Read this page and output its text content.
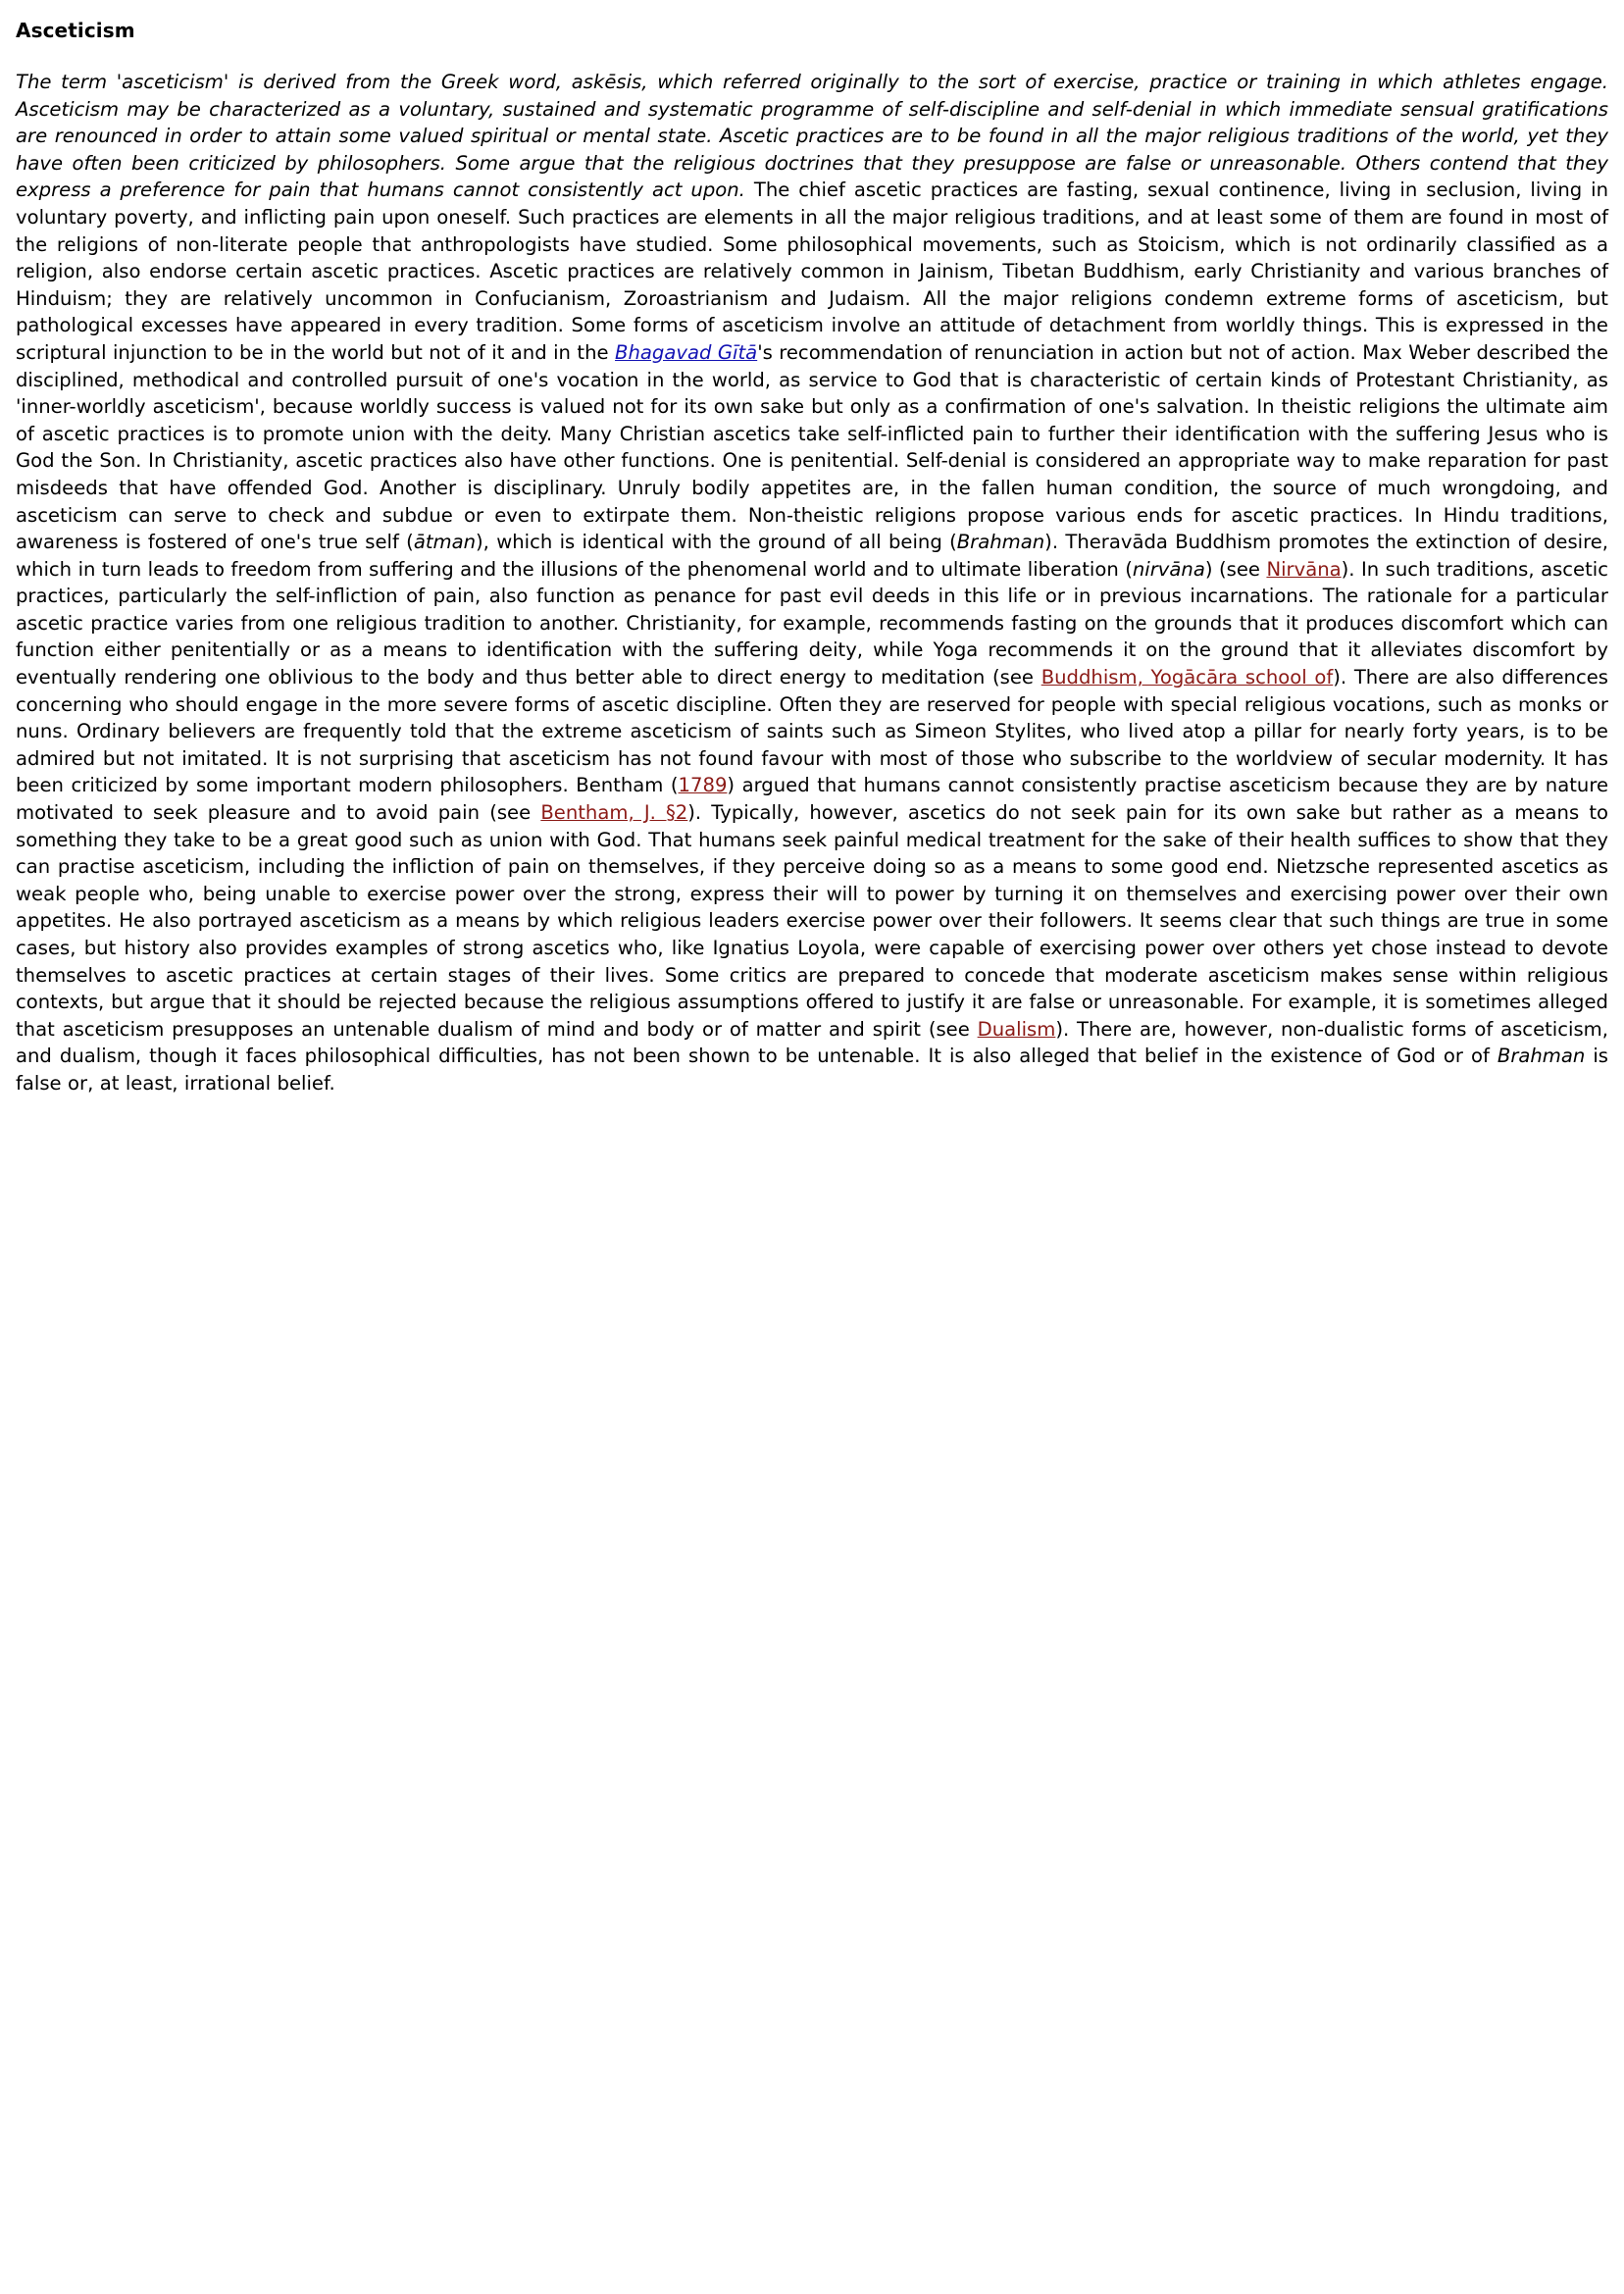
Asceticism

The term 'asceticism' is derived from the Greek word, askēsis, which referred originally to the sort of exercise, practice or training in which athletes engage. Asceticism may be characterized as a voluntary, sustained and systematic programme of self-discipline and self-denial in which immediate sensual gratifications are renounced in order to attain some valued spiritual or mental state. Ascetic practices are to be found in all the major religious traditions of the world, yet they have often been criticized by philosophers. Some argue that the religious doctrines that they presuppose are false or unreasonable. Others contend that they express a preference for pain that humans cannot consistently act upon. The chief ascetic practices are fasting, sexual continence, living in seclusion, living in voluntary poverty, and inflicting pain upon oneself. Such practices are elements in all the major religious traditions, and at least some of them are found in most of the religions of non-literate people that anthropologists have studied. Some philosophical movements, such as Stoicism, which is not ordinarily classified as a religion, also endorse certain ascetic practices. Ascetic practices are relatively common in Jainism, Tibetan Buddhism, early Christianity and various branches of Hinduism; they are relatively uncommon in Confucianism, Zoroastrianism and Judaism. All the major religions condemn extreme forms of asceticism, but pathological excesses have appeared in every tradition. Some forms of asceticism involve an attitude of detachment from worldly things. This is expressed in the scriptural injunction to be in the world but not of it and in the Bhagavad Gītā's recommendation of renunciation in action but not of action. Max Weber described the disciplined, methodical and controlled pursuit of one's vocation in the world, as service to God that is characteristic of certain kinds of Protestant Christianity, as 'inner-worldly asceticism', because worldly success is valued not for its own sake but only as a confirmation of one's salvation. In theistic religions the ultimate aim of ascetic practices is to promote union with the deity. Many Christian ascetics take self-inflicted pain to further their identification with the suffering Jesus who is God the Son. In Christianity, ascetic practices also have other functions. One is penitential. Self-denial is considered an appropriate way to make reparation for past misdeeds that have offended God. Another is disciplinary. Unruly bodily appetites are, in the fallen human condition, the source of much wrongdoing, and asceticism can serve to check and subdue or even to extirpate them. Non-theistic religions propose various ends for ascetic practices. In Hindu traditions, awareness is fostered of one's true self (ātman), which is identical with the ground of all being (Brahman). Theravāda Buddhism promotes the extinction of desire, which in turn leads to freedom from suffering and the illusions of the phenomenal world and to ultimate liberation (nirvāna) (see Nirvāna). In such traditions, ascetic practices, particularly the self-infliction of pain, also function as penance for past evil deeds in this life or in previous incarnations. The rationale for a particular ascetic practice varies from one religious tradition to another. Christianity, for example, recommends fasting on the grounds that it produces discomfort which can function either penitentially or as a means to identification with the suffering deity, while Yoga recommends it on the ground that it alleviates discomfort by eventually rendering one oblivious to the body and thus better able to direct energy to meditation (see Buddhism, Yogācāra school of). There are also differences concerning who should engage in the more severe forms of ascetic discipline. Often they are reserved for people with special religious vocations, such as monks or nuns. Ordinary believers are frequently told that the extreme asceticism of saints such as Simeon Stylites, who lived atop a pillar for nearly forty years, is to be admired but not imitated. It is not surprising that asceticism has not found favour with most of those who subscribe to the worldview of secular modernity. It has been criticized by some important modern philosophers. Bentham (1789) argued that humans cannot consistently practise asceticism because they are by nature motivated to seek pleasure and to avoid pain (see Bentham, J. §2). Typically, however, ascetics do not seek pain for its own sake but rather as a means to something they take to be a great good such as union with God. That humans seek painful medical treatment for the sake of their health suffices to show that they can practise asceticism, including the infliction of pain on themselves, if they perceive doing so as a means to some good end. Nietzsche represented ascetics as weak people who, being unable to exercise power over the strong, express their will to power by turning it on themselves and exercising power over their own appetites. He also portrayed asceticism as a means by which religious leaders exercise power over their followers. It seems clear that such things are true in some cases, but history also provides examples of strong ascetics who, like Ignatius Loyola, were capable of exercising power over others yet chose instead to devote themselves to ascetic practices at certain stages of their lives. Some critics are prepared to concede that moderate asceticism makes sense within religious contexts, but argue that it should be rejected because the religious assumptions offered to justify it are false or unreasonable. For example, it is sometimes alleged that asceticism presupposes an untenable dualism of mind and body or of matter and spirit (see Dualism). There are, however, non-dualistic forms of asceticism, and dualism, though it faces philosophical difficulties, has not been shown to be untenable. It is also alleged that belief in the existence of God or of Brahman is false or, at least, irrational belief.
